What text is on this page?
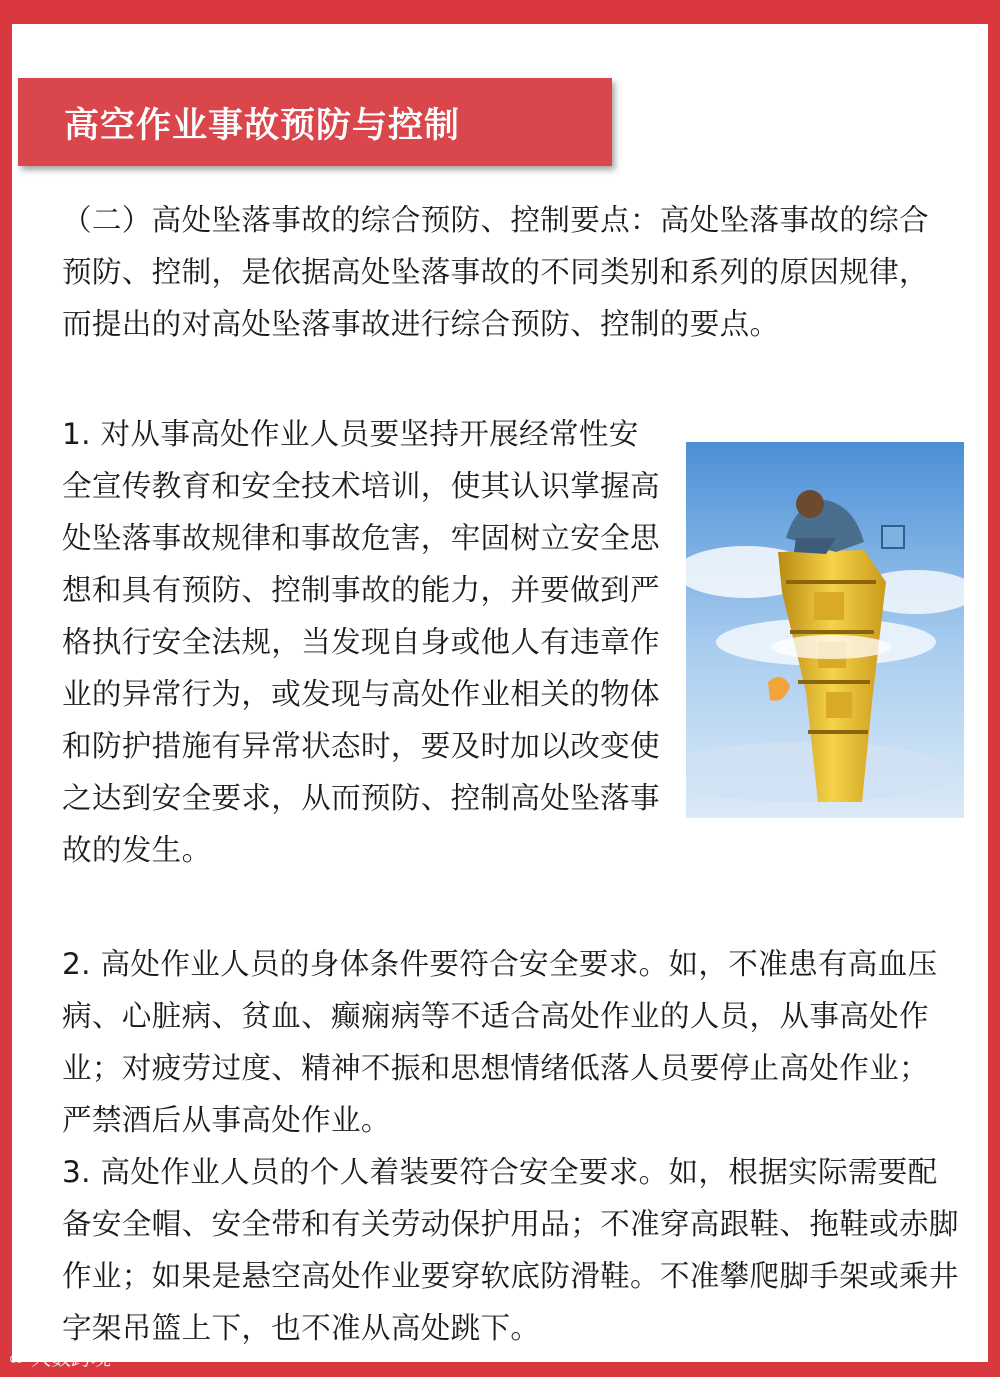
高空作业事故预防与控制

（二）高处坠落事故的综合预防、控制要点：高处坠落事故的综合预防、控制，是依据高处坠落事故的不同类别和系列的原因规律，而提出的对高处坠落事故进行综合预防、控制的要点。

1. 对从事高处作业人员要坚持开展经常性安全宣传教育和安全技术培训，使其认识掌握高处坠落事故规律和事故危害，牢固树立安全思想和具有预防、控制事故的能力，并要做到严格执行安全法规，当发现自身或他人有违章作业的异常行为，或发现与高处作业相关的物体和防护措施有异常状态时，要及时加以改变使之达到安全要求，从而预防、控制高处坠落事故的发生。

2. 高处作业人员的身体条件要符合安全要求。如，不准患有高血压病、心脏病、贫血、癫痫病等不适合高处作业的人员，从事高处作业；对疲劳过度、精神不振和思想情绪低落人员要停止高处作业；严禁酒后从事高处作业。

3. 高处作业人员的个人着装要符合安全要求。如，根据实际需要配备安全帽、安全带和有关劳动保护用品；不准穿高跟鞋、拖鞋或赤脚作业；如果是悬空高处作业要穿软底防滑鞋。不准攀爬脚手架或乘井字架吊篮上下，也不准从高处跳下。

∞ 大数跨境
